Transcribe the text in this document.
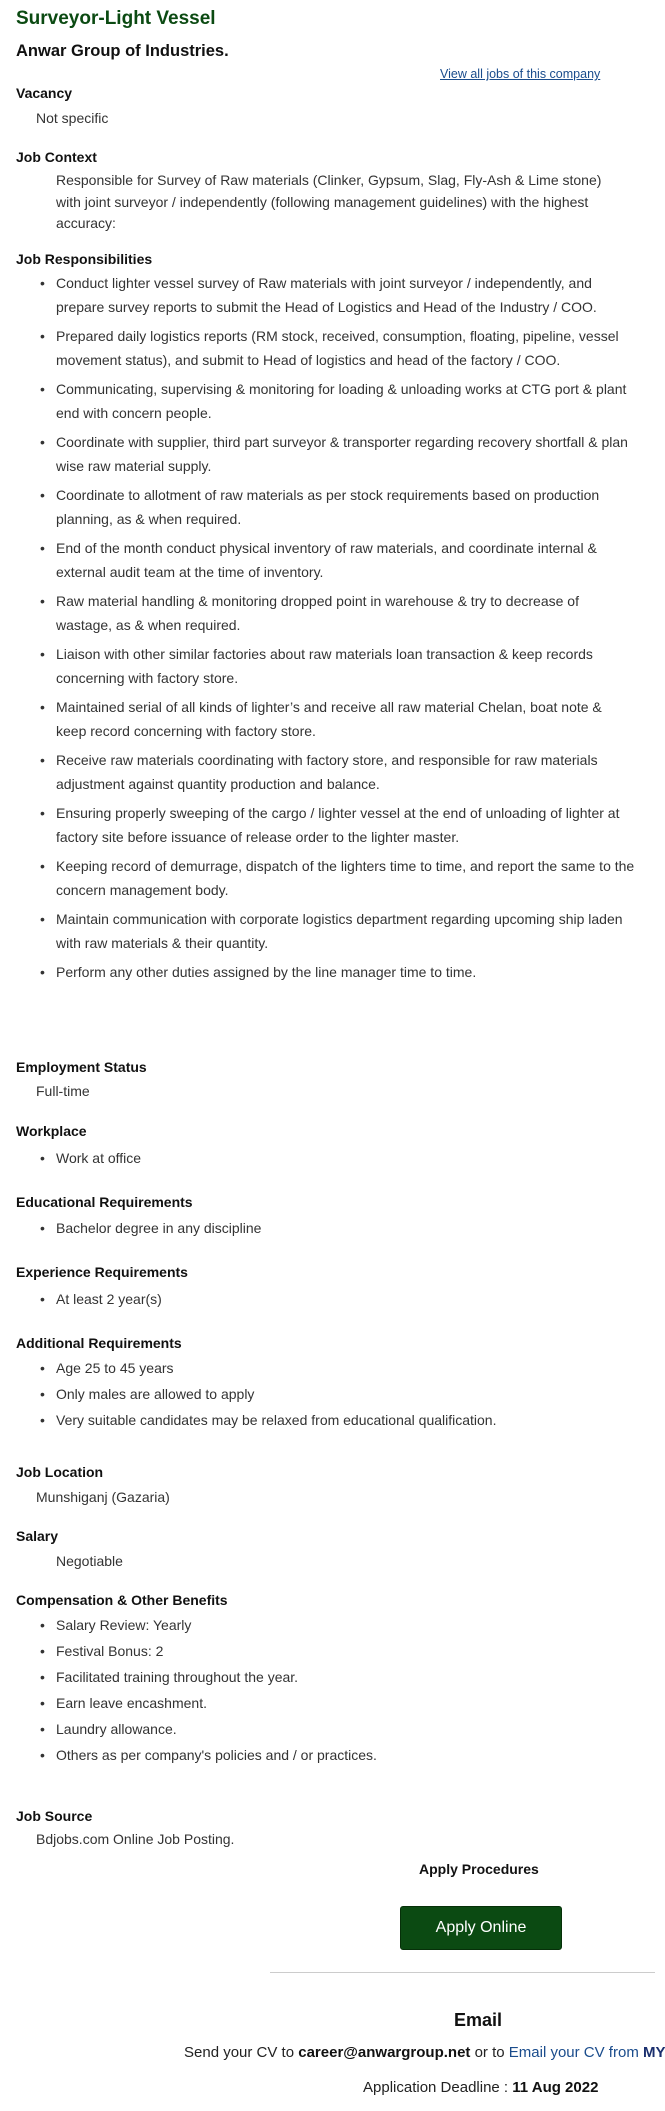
Surveyor-Light Vessel
Anwar Group of Industries.
View all jobs of this company
Vacancy
Not specific
Job Context
Responsible for Survey of Raw materials (Clinker, Gypsum, Slag, Fly-Ash & Lime stone) with joint surveyor / independently (following management guidelines) with the highest accuracy:
Job Responsibilities
• Conduct lighter vessel survey of Raw materials with joint surveyor / independently, and prepare survey reports to submit the Head of Logistics and Head of the Industry / COO.
• Prepared daily logistics reports (RM stock, received, consumption, floating, pipeline, vessel movement status), and submit to Head of logistics and head of the factory / COO.
• Communicating, supervising & monitoring for loading & unloading works at CTG port & plant end with concern people.
• Coordinate with supplier, third part surveyor & transporter regarding recovery shortfall & plan wise raw material supply.
• Coordinate to allotment of raw materials as per stock requirements based on production planning, as & when required.
• End of the month conduct physical inventory of raw materials, and coordinate internal & external audit team at the time of inventory.
• Raw material handling & monitoring dropped point in warehouse & try to decrease of wastage, as & when required.
• Liaison with other similar factories about raw materials loan transaction & keep records concerning with factory store.
• Maintained serial of all kinds of lighter’s and receive all raw material Chelan, boat note & keep record concerning with factory store.
• Receive raw materials coordinating with factory store, and responsible for raw materials adjustment against quantity production and balance.
• Ensuring properly sweeping of the cargo / lighter vessel at the end of unloading of lighter at factory site before issuance of release order to the lighter master.
• Keeping record of demurrage, dispatch of the lighters time to time, and report the same to the concern management body.
• Maintain communication with corporate logistics department regarding upcoming ship laden with raw materials & their quantity.
• Perform any other duties assigned by the line manager time to time.
Employment Status
Full-time
Workplace
• Work at office
Educational Requirements
• Bachelor degree in any discipline
Experience Requirements
• At least 2 year(s)
Additional Requirements
• Age 25 to 45 years
• Only males are allowed to apply
• Very suitable candidates may be relaxed from educational qualification.
Job Location
Munshiganj (Gazaria)
Salary
Negotiable
Compensation & Other Benefits
• Salary Review: Yearly
• Festival Bonus: 2
• Facilitated training throughout the year.
• Earn leave encashment.
• Laundry allowance.
• Others as per company's policies and / or practices.
Job Source
Bdjobs.com Online Job Posting.
Apply Procedures
Apply Online
Email
Send your CV to career@anwargroup.net or to Email your CV from MY
Application Deadline : 11 Aug 2022
